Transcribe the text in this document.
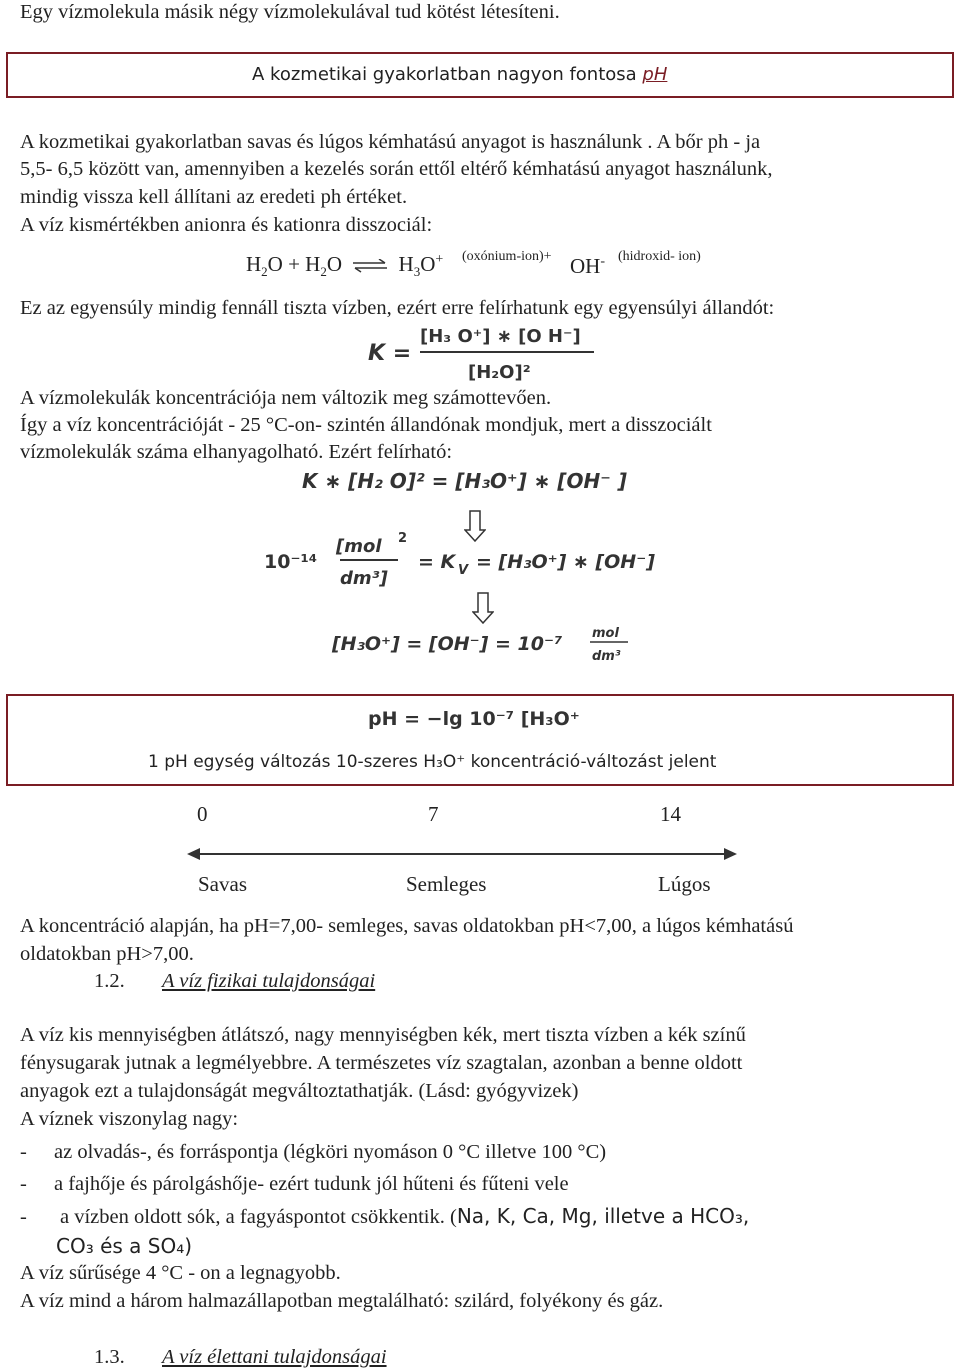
Egy vízmolekula másik négy vízmolekulával tud kötést létesíteni.
A kozmetikai gyakorlatban nagyon fontosa pH
A kozmetikai gyakorlatban savas és lúgos kémhatású anyagot is használunk . A bőr ph - ja
5,5- 6,5 között van, amennyiben a kezelés során ettől eltérő kémhatású anyagot használunk,
mindig vissza kell állítani az eredeti ph értéket.
A víz kismértékben anionra és kationra disszociál:
$H_2O + H_2O$ ⇌ $H_3O^+$ (oxónium-ion)+ OH- (hidroxid- ion)
Ez az egyensúly mindig fennáll tiszta vízben, ezért erre felírhatunk egy egyensúlyi állandót:
K =
[H₃ O⁺] ∗ [O H⁻]
[H₂O]²
A vízmolekulák koncentrációja nem változik meg számottevően.
Így a víz koncentrációját - 25 °C-on- szintén állandónak mondjuk, mert a disszociált
vízmolekulák száma elhanyagolható. Ezért felírható:
K ∗ [H₂ O]² = [H₃O⁺] ∗ [OH⁻ ]
10⁻¹⁴
[mol
dm³]
2
= K V = [H₃O⁺] ∗ [OH⁻]
[H₃O⁺] = [OH⁻] = 10⁻⁷ mol
dm³
pH = −lg 10⁻⁷ [H₃O⁺
1 pH egység változás 10-szeres H₃O⁺ koncentráció-változást jelent
0	7	14
Savas	Semleges	Lúgos
A koncentráció alapján, ha pH=7,00- semleges, savas oldatokban pH<7,00, a lúgos kémhatású
oldatokban pH>7,00.
1.2. A víz fizikai tulajdonságai
A víz kis mennyiségben átlátszó, nagy mennyiségben kék, mert tiszta vízben a kék színű
fénysugarak jutnak a legmélyebbre. A természetes víz szagtalan, azonban a benne oldott
anyagok ezt a tulajdonságát megváltoztathatják. (Lásd: gyógyvizek)
A víznek viszonylag nagy:
- az olvadás-, és forráspontja (légköri nyomáson 0 °C illetve 100 °C)
- a fajhője és párolgáshője- ezért tudunk jól hűteni és fűteni vele
- a vízben oldott sók, a fagyáspontot csökkentik. (Na, K, Ca, Mg, illetve a HCO₃,
CO₃ és a SO₄)
A víz sűrűsége 4 °C - on a legnagyobb.
A víz mind a három halmazállapotban megtalálható: szilárd, folyékony és gáz.
1.3. A víz élettani tulajdonságai
